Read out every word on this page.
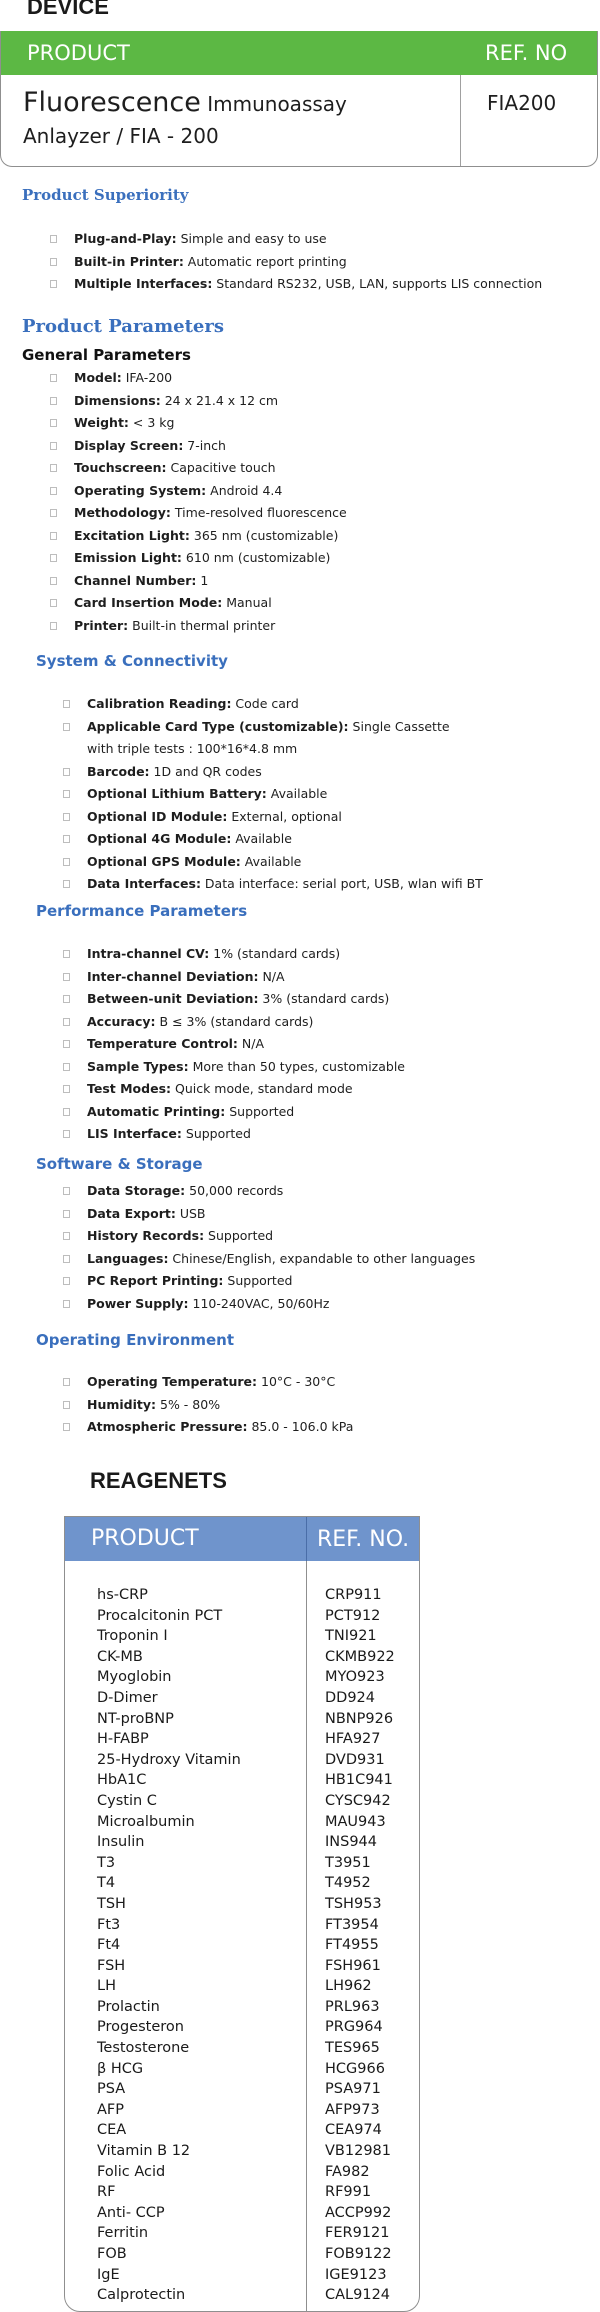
DEVICE
PRODUCT	REF. NO
Fluorescence Immunoassay
Anlayzer / FIA - 200
FIA200
Product Superiority
Plug-and-Play: Simple and easy to use
Built-in Printer: Automatic report printing
Multiple Interfaces: Standard RS232, USB, LAN, supports LIS connection
Product Parameters
General Parameters
Model: IFA-200
Dimensions: 24 x 21.4 x 12 cm
Weight: < 3 kg
Display Screen: 7-inch
Touchscreen: Capacitive touch
Operating System: Android 4.4
Methodology: Time-resolved fluorescence
Excitation Light: 365 nm (customizable)
Emission Light: 610 nm (customizable)
Channel Number: 1
Card Insertion Mode: Manual
Printer: Built-in thermal printer
System & Connectivity
Calibration Reading: Code card
Applicable Card Type (customizable): Single Cassette with triple tests : 100*16*4.8 mm
Barcode: 1D and QR codes
Optional Lithium Battery: Available
Optional ID Module: External, optional
Optional 4G Module: Available
Optional GPS Module: Available
Data Interfaces: Data interface: serial port, USB, wlan wifi BT
Performance Parameters
Intra-channel CV: 1% (standard cards)
Inter-channel Deviation: N/A
Between-unit Deviation: 3% (standard cards)
Accuracy: B ≤ 3% (standard cards)
Temperature Control: N/A
Sample Types: More than 50 types, customizable
Test Modes: Quick mode, standard mode
Automatic Printing: Supported
LIS Interface: Supported
Software & Storage
Data Storage: 50,000 records
Data Export: USB
History Records: Supported
Languages: Chinese/English, expandable to other languages
PC Report Printing: Supported
Power Supply: 110-240VAC, 50/60Hz
Operating Environment
Operating Temperature: 10°C - 30°C
Humidity: 5% - 80%
Atmospheric Pressure: 85.0 - 106.0 kPa
REAGENETS
PRODUCT	REF. NO.
hs-CRP
Procalcitonin PCT
Troponin I
CK-MB
Myoglobin
D-Dimer
NT-proBNP
H-FABP
25-Hydroxy Vitamin
HbA1C
Cystin C
Microalbumin
Insulin
T3
T4
TSH
Ft3
Ft4
FSH
LH
Prolactin
Progesteron
Testosterone
β HCG
PSA
AFP
CEA
Vitamin B 12
Folic Acid
RF
Anti- CCP
Ferritin
FOB
IgE
Calprotectin
CRP911
PCT912
TNI921
CKMB922
MYO923
DD924
NBNP926
HFA927
DVD931
HB1C941
CYSC942
MAU943
INS944
T3951
T4952
TSH953
FT3954
FT4955
FSH961
LH962
PRL963
PRG964
TES965
HCG966
PSA971
AFP973
CEA974
VB12981
FA982
RF991
ACCP992
FER9121
FOB9122
IGE9123
CAL9124
